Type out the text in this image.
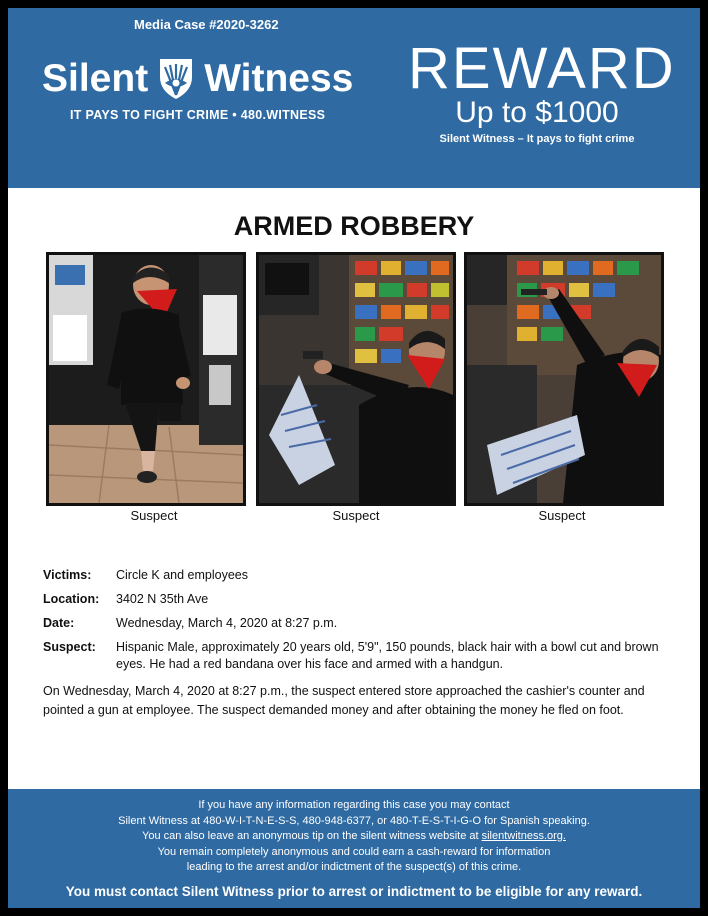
Media Case #2020-3262
Silent Witness
IT PAYS TO FIGHT CRIME • 480.WITNESS
REWARD
Up to $1000
Silent Witness – It pays to fight crime
ARMED ROBBERY
Suspect	Suspect	Suspect
Victims:	Circle K and employees
Location:	3402 N 35th Ave
Date:	Wednesday, March 4, 2020 at 8:27 p.m.
Suspect:	Hispanic Male, approximately 20 years old, 5'9", 150 pounds, black hair with a bowl cut and brown eyes. He had a red bandana over his face and armed with a handgun.
On Wednesday, March 4, 2020 at 8:27 p.m., the suspect entered store approached the cashier's counter and pointed a gun at employee. The suspect demanded money and after obtaining the money he fled on foot.
If you have any information regarding this case you may contact
Silent Witness at 480-W-I-T-N-E-S-S, 480-948-6377, or 480-T-E-S-T-I-G-O for Spanish speaking.
You can also leave an anonymous tip on the silent witness website at silentwitness.org.
You remain completely anonymous and could earn a cash-reward for information
leading to the arrest and/or indictment of the suspect(s) of this crime.
You must contact Silent Witness prior to arrest or indictment to be eligible for any reward.
